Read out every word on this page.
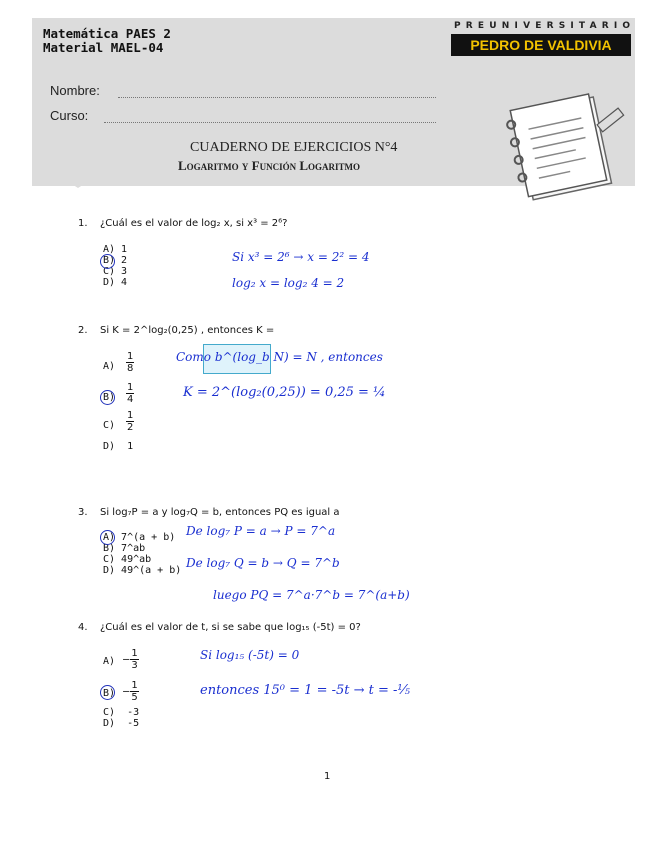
Matemática PAES 2
Material MAEL-04
PREUNIVERSITARIO
PEDRO DE VALDIVIA
Nombre:
Curso:
CUADERNO DE EJERCICIOS N°4
Logaritmo y Función Logaritmo
1. ¿Cuál es el valor de log₂ x, si x³ = 2⁶?
A) 1
B) 2
C) 3
D) 4
Si x³ = 2⁶ → x = 2² = 4
log₂ x = log₂ 4 = 2
2. Si K = 2^log₂(0,25) , entonces K =
$A) \frac{1}{8}$
$B) \frac{1}{4}$
$C) \frac{1}{2}$
D)  1
Como b^(log_b N) = N , entonces
K = 2^(log₂(0,25)) = 0,25 = ¼
3. Si log₇P = a y log₇Q = b, entonces PQ es igual a
A) 7^(a + b)
B) 7^ab
C) 49^ab
D) 49^(a + b)
De log₇ P = a → P = 7^a
De log₇ Q = b → Q = 7^b
luego PQ = 7^a·7^b = 7^(a+b)
4. ¿Cuál es el valor de t, si se sabe que log₁₅ (-5t) = 0?
$A) - \frac{1}{3}$
$B) - \frac{1}{5}$
C)  -3
D)  -5
Si log₁₅ (-5t) = 0
entonces 15⁰ = 1 = -5t → t = -⅕
1
